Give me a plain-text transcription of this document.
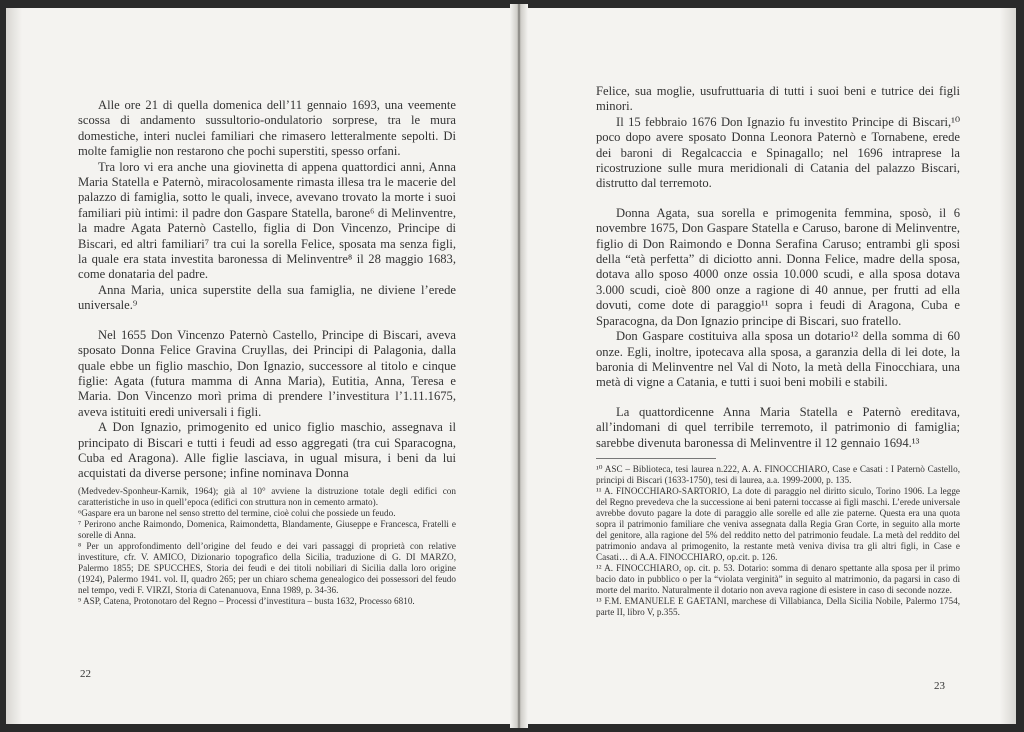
Alle ore 21 di quella domenica dell’11 gennaio 1693, una veemente scossa di andamento sussultorio-ondulatorio sorprese, tra le mura domestiche, interi nuclei familiari che rimasero letteralmente sepolti. Di molte famiglie non restarono che pochi superstiti, spesso orfani.

Tra loro vi era anche una giovinetta di appena quattordici anni, Anna Maria Statella e Paternò, miracolosamente rimasta illesa tra le macerie del palazzo di famiglia, sotto le quali, invece, avevano trovato la morte i suoi familiari più intimi: il padre don Gaspare Statella, barone⁶ di Melinventre, la madre Agata Paternò Castello, figlia di Don Vincenzo, Principe di Biscari, ed altri familiari⁷ tra cui la sorella Felice, sposata ma senza figli, la quale era stata investita baronessa di Melinventre⁸ il 28 maggio 1683, come donataria del padre.

Anna Maria, unica superstite della sua famiglia, ne diviene l’erede universale.⁹

Nel 1655 Don Vincenzo Paternò Castello, Principe di Biscari, aveva sposato Donna Felice Gravina Cruyllas, dei Principi di Palagonia, dalla quale ebbe un figlio maschio, Don Ignazio, successore al titolo e cinque figlie: Agata (futura mamma di Anna Maria), Eutitia, Anna, Teresa e Maria. Don Vincenzo morì prima di prendere l’investitura l’1.11.1675, aveva istituiti eredi universali i figli.

A Don Ignazio, primogenito ed unico figlio maschio, assegnava il principato di Biscari e tutti i feudi ad esso aggregati (tra cui Sparacogna, Cuba ed Aragona). Alle figlie lasciava, in ugual misura, i beni da lui acquistati da diverse persone; infine nominava Donna

(Medvedev-Sponheur-Karnik, 1964); già al 10° avviene la distruzione totale degli edifici con caratteristiche in uso in quell’epoca (edifici con struttura non in cemento armato).

⁶Gaspare era un barone nel senso stretto del termine, cioè colui che possiede un feudo.

⁷ Perirono anche Raimondo, Domenica, Raimondetta, Blandamente, Giuseppe e Francesca, Fratelli e sorelle di Anna.

⁸ Per un approfondimento dell’origine del feudo e dei vari passaggi di proprietà con relative investiture, cfr. V. AMICO, Dizionario topografico della Sicilia, traduzione di G. DI MARZO, Palermo 1855; DE SPUCCHES, Storia dei feudi e dei titoli nobiliari di Sicilia dalla loro origine (1924), Palermo 1941. vol. II, quadro 265; per un chiaro schema genealogico dei possessori del feudo nel tempo, vedi F. VIRZI, Storia di Catenanuova, Enna 1989, p. 34-36.

⁹ ASP, Catena, Protonotaro del Regno – Processi d’investitura – busta 1632, Processo 6810.

22

Felice, sua moglie, usufruttuaria di tutti i suoi beni e tutrice dei figli minori.

Il 15 febbraio 1676 Don Ignazio fu investito Principe di Biscari,¹⁰ poco dopo avere sposato Donna Leonora Paternò e Tornabene, erede dei baroni di Regalcaccia e Spinagallo; nel 1696 intraprese la ricostruzione sulle mura meridionali di Catania del palazzo Biscari, distrutto dal terremoto.

Donna Agata, sua sorella e primogenita femmina, sposò, il 6 novembre 1675, Don Gaspare Statella e Caruso, barone di Melinventre, figlio di Don Raimondo e Donna Serafina Caruso; entrambi gli sposi della “età perfetta” di diciotto anni. Donna Felice, madre della sposa, dotava allo sposo 4000 onze ossia 10.000 scudi, e alla sposa dotava 3.000 scudi, cioè 800 onze a ragione di 40 annue, per frutti ad ella dovuti, come dote di paraggio¹¹ sopra i feudi di Aragona, Cuba e Sparacogna, da Don Ignazio principe di Biscari, suo fratello.

Don Gaspare costituiva alla sposa un dotario¹² della somma di 60 onze. Egli, inoltre, ipotecava alla sposa, a garanzia della di lei dote, la baronia di Melinventre nel Val di Noto, la metà della Finocchiara, una metà di vigne a Catania, e tutti i suoi beni mobili e stabili.

La quattordicenne Anna Maria Statella e Paternò ereditava, all’indomani di quel terribile terremoto, il patrimonio di famiglia; sarebbe divenuta baronessa di Melinventre il 12 gennaio 1694.¹³

¹⁰ ASC – Biblioteca, tesi laurea n.222, A. A. FINOCCHIARO, Case e Casati : I Paternò Castello, principi di Biscari (1633-1750), tesi di laurea, a.a. 1999-2000, p. 135.

¹¹ A. FINOCCHIARO-SARTORIO, La dote di paraggio nel diritto siculo, Torino 1906. La legge del Regno prevedeva che la successione ai beni paterni toccasse ai figli maschi. L’erede universale avrebbe dovuto pagare la dote di paraggio alle sorelle ed alle zie paterne. Questa era una quota sopra il patrimonio familiare che veniva assegnata dalla Regia Gran Corte, in seguito alla morte del genitore, alla ragione del 5% del reddito netto del patrimonio feudale. La metà del reddito del patrimonio andava al primogenito, la restante metà veniva divisa tra gli altri figli, in Case e Casati… di A.A. FINOCCHIARO, op.cit. p. 126.

¹² A. FINOCCHIARO, op. cit. p. 53. Dotario: somma di denaro spettante alla sposa per il primo bacio dato in pubblico o per la “violata verginità” in seguito al matrimonio, da pagarsi in caso di morte del marito. Naturalmente il dotario non aveva ragione di esistere in caso di seconde nozze.

¹³ F.M. EMANUELE E GAETANI, marchese di Villabianca, Della Sicilia Nobile, Palermo 1754, parte II, libro V, p.355.

23
